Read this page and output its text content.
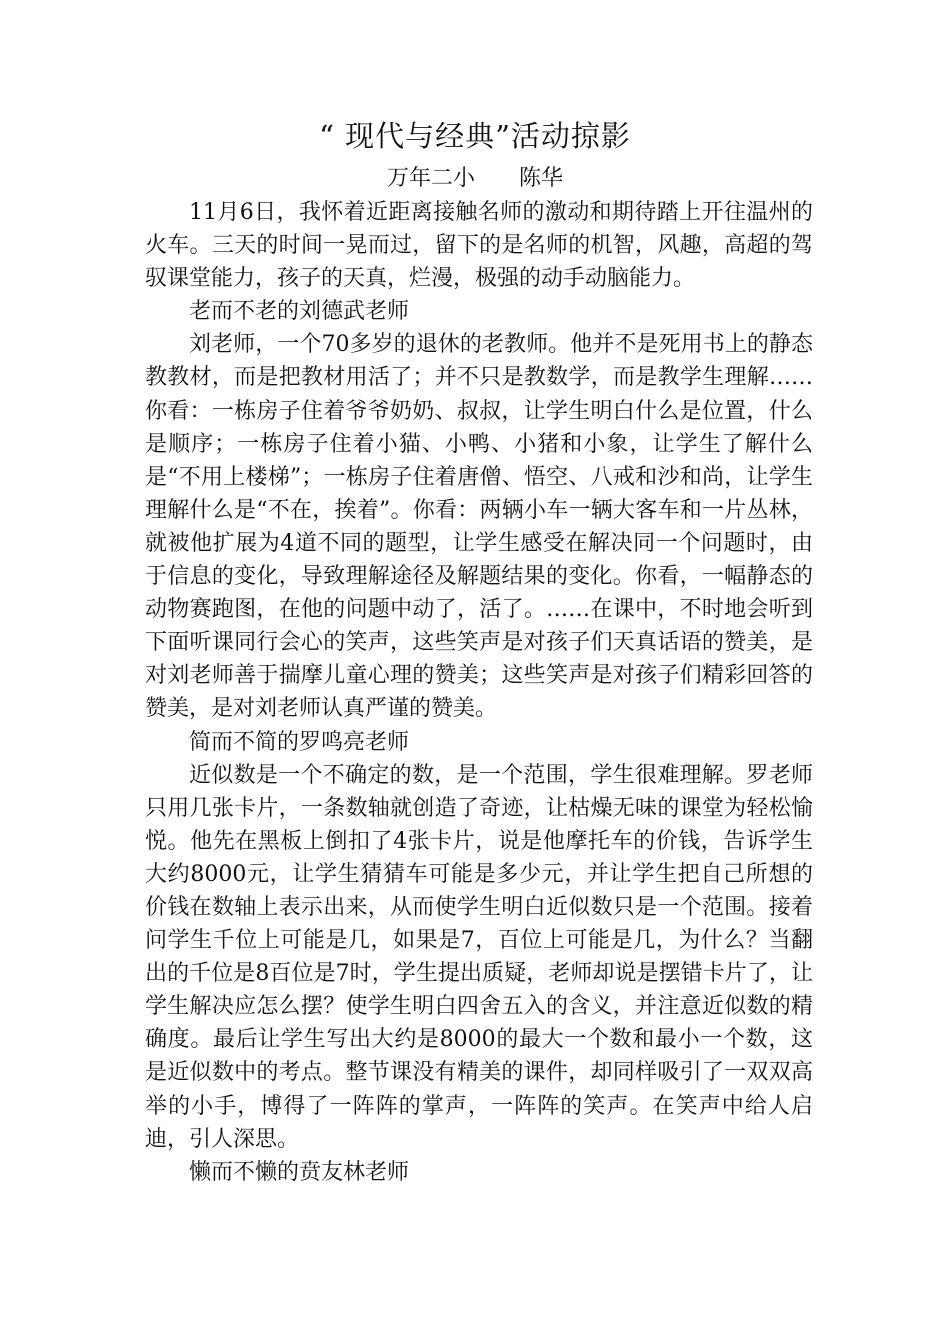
“ 现代与经典”活动掠影
万年二小　　陈华

11月6日，我怀着近距离接触名师的激动和期待踏上开往温州的火车。三天的时间一晃而过，留下的是名师的机智，风趣，高超的驾驭课堂能力，孩子的天真，烂漫，极强的动手动脑能力。

老而不老的刘德武老师

刘老师，一个70多岁的退休的老教师。他并不是死用书上的静态教教材，而是把教材用活了；并不只是教数学，而是教学生理解……你看：一栋房子住着爷爷奶奶、叔叔，让学生明白什么是位置，什么是顺序；一栋房子住着小猫、小鸭、小猪和小象，让学生了解什么是“不用上楼梯”；一栋房子住着唐僧、悟空、八戒和沙和尚，让学生理解什么是“不在，挨着”。你看：两辆小车一辆大客车和一片丛林，就被他扩展为4道不同的题型，让学生感受在解决同一个问题时，由于信息的变化，导致理解途径及解题结果的变化。你看，一幅静态的动物赛跑图，在他的问题中动了，活了。……在课中，不时地会听到下面听课同行会心的笑声，这些笑声是对孩子们天真话语的赞美，是对刘老师善于揣摩儿童心理的赞美；这些笑声是对孩子们精彩回答的赞美，是对刘老师认真严谨的赞美。

简而不简的罗鸣亮老师

近似数是一个不确定的数，是一个范围，学生很难理解。罗老师只用几张卡片，一条数轴就创造了奇迹，让枯燥无味的课堂为轻松愉悦。他先在黑板上倒扣了4张卡片，说是他摩托车的价钱，告诉学生大约8000元，让学生猜猜车可能是多少元，并让学生把自己所想的价钱在数轴上表示出来，从而使学生明白近似数只是一个范围。接着问学生千位上可能是几，如果是7，百位上可能是几，为什么？当翻出的千位是8百位是7时，学生提出质疑，老师却说是摆错卡片了，让学生解决应怎么摆？使学生明白四舍五入的含义，并注意近似数的精确度。最后让学生写出大约是8000的最大一个数和最小一个数，这是近似数中的考点。整节课没有精美的课件，却同样吸引了一双双高举的小手，博得了一阵阵的掌声，一阵阵的笑声。在笑声中给人启迪，引人深思。

懒而不懒的贲友林老师
